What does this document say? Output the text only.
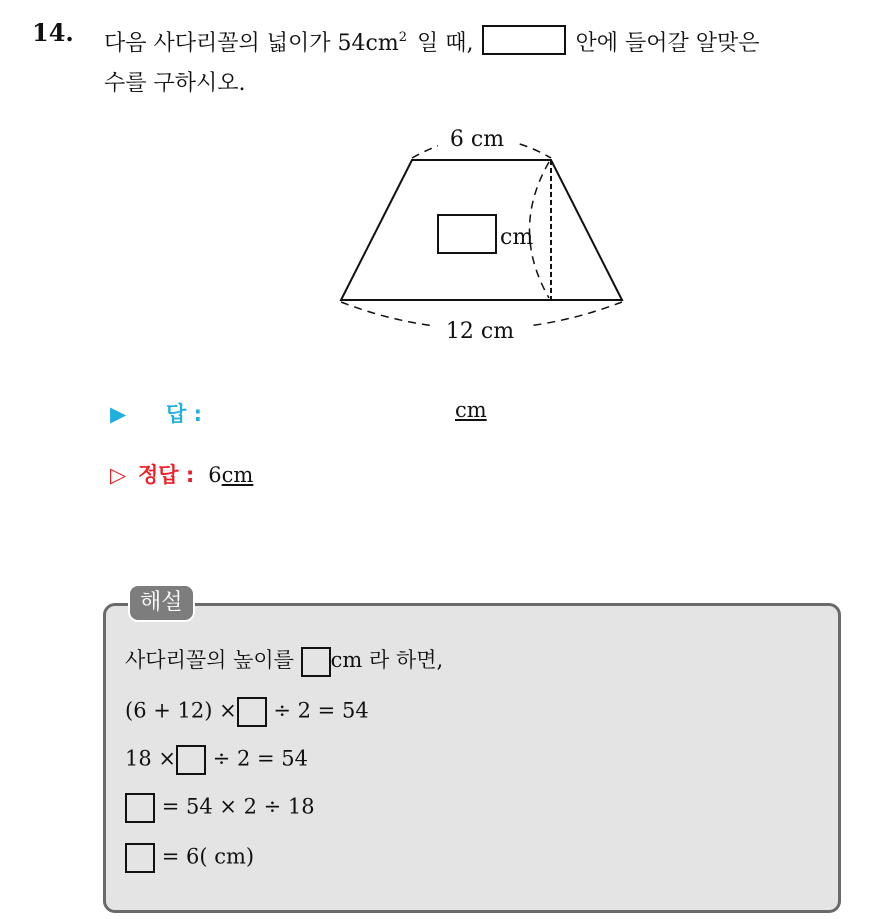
14. 다음 사다리꼴의 넓이가 $54cm^2$ 일 때,	안에 들어갈 알맞은
수를 구하시오.
6 cm
12 cm
cm
▶ 답 :	cm
▷ 정답 : 6cm
해설
사다리꼴의 높이를 cm 라 하면,
(6 + 12) × ÷ 2 = 54
18 × ÷ 2 = 54
= 54 × 2 ÷ 18
= 6( cm)
